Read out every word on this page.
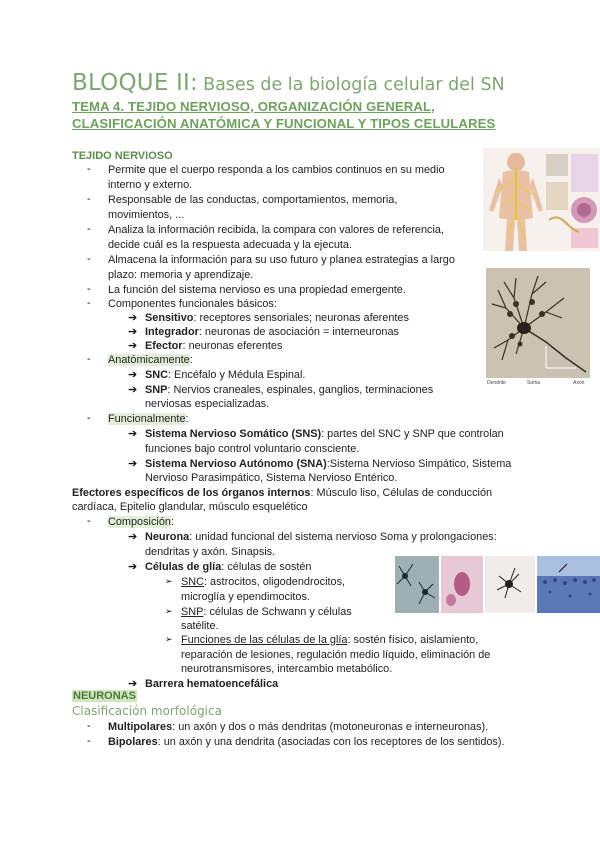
BLOQUE II: Bases de la biología celular del SN
TEMA 4. TEJIDO NERVIOSO, ORGANIZACIÓN GENERAL,
CLASIFICACIÓN ANATÓMICA Y FUNCIONAL Y TIPOS CELULARES
TEJIDO NERVIOSO
- Permite que el cuerpo responda a los cambios continuos en su medio
interno y externo.
- Responsable de las conductas, comportamientos, memoria,
movimientos, ...
- Analiza la información recibida, la compara con valores de referencia,
decide cuál es la respuesta adecuada y la ejecuta.
- Almacena la información para su uso futuro y planea estrategias a largo
plazo: memoria y aprendizaje.
- La función del sistema nervioso es una propiedad emergente.
- Componentes funcionales básicos:
➔ Sensitivo: receptores sensoriales; neuronas aferentes
➔ Integrador: neuronas de asociación = interneuronas
➔ Efector: neuronas eferentes
- Anatómicamente:
➔ SNC: Encéfalo y Médula Espinal.
➔ SNP: Nervios craneales, espinales, ganglios, terminaciones
nerviosas especializadas.
- Funcionalmente:
➔ Sistema Nervioso Somático (SNS): partes del SNC y SNP que controlan
funciones bajo control voluntario consciente.
➔ Sistema Nervioso Autónomo (SNA):Sistema Nervioso Simpático, Sistema
Nervioso Parasimpático, Sistema Nervioso Entérico.
Efectores específicos de los órganos internos: Músculo liso, Células de conducción
cardíaca, Epitelio glandular, músculo esquelético
- Composición:
➔ Neurona: unidad funcional del sistema nervioso Soma y prolongaciones:
dendritas y axón. Sinapsis.
➔ Células de glía: células de sostén
➢ SNC: astrocitos, oligodendrocitos,
microglía y ependimocitos.
➢ SNP: células de Schwann y células
satélite.
➢ Funciones de las células de la glía: sostén físico, aislamiento,
reparación de lesiones, regulación medio líquido, eliminación de
neurotransmisores, intercambio metabólico.
➔ Barrera hematoencefálica
NEURONAS
Clasificación morfológica
- Multipolares: un axón y dos o más dendritas (motoneuronas e interneuronas).
- Bipolares: un axón y una dendrita (asociadas con los receptores de los sentidos).
Dendrite	Soma	Axon
